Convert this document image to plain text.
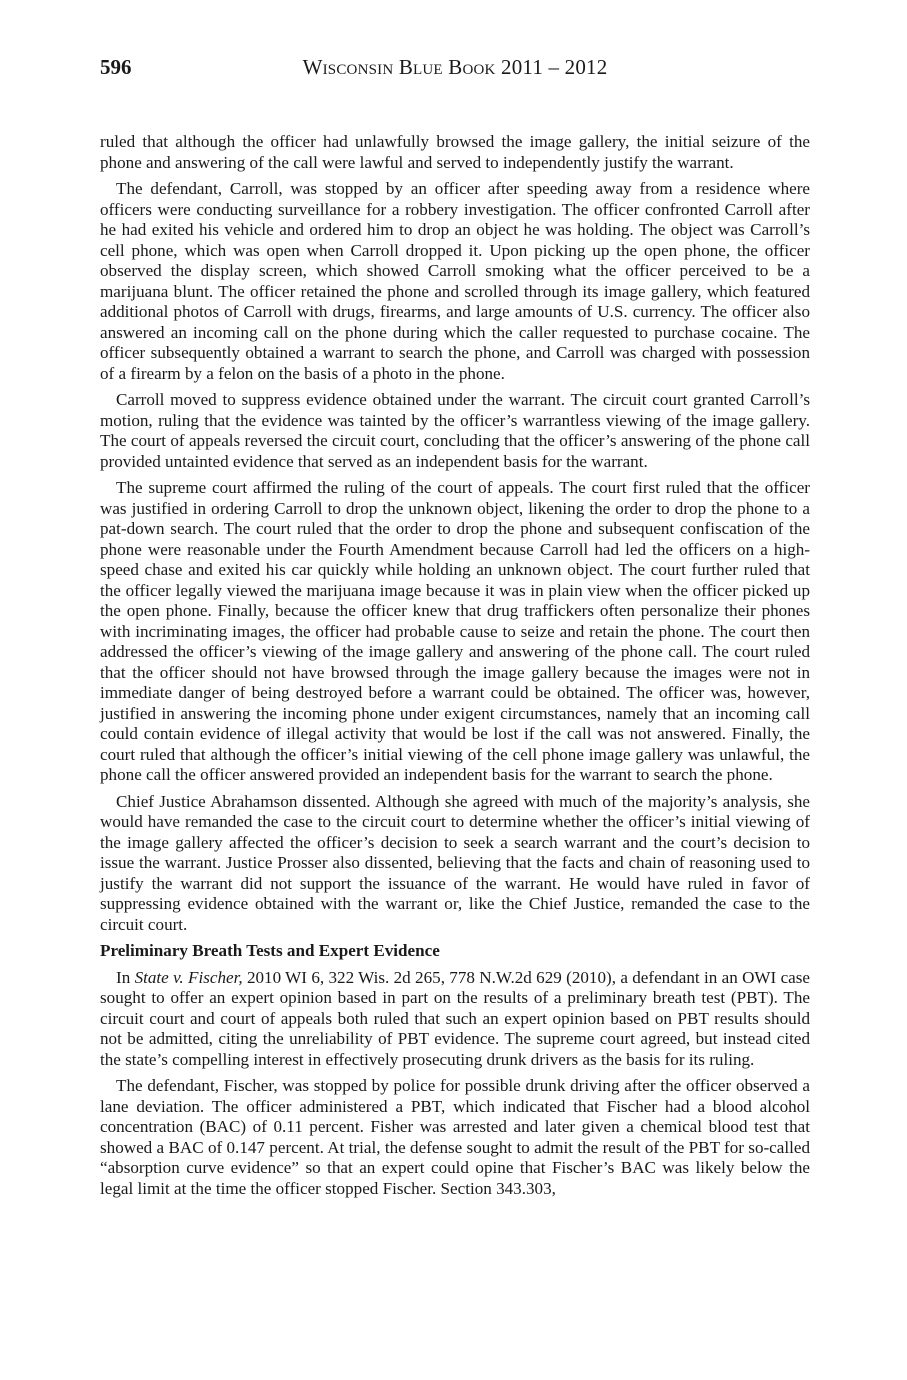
596	Wisconsin Blue Book 2011 – 2012

ruled that although the officer had unlawfully browsed the image gallery, the initial seizure of the phone and answering of the call were lawful and served to independently justify the warrant.

The defendant, Carroll, was stopped by an officer after speeding away from a residence where officers were conducting surveillance for a robbery investigation. The officer confronted Carroll after he had exited his vehicle and ordered him to drop an object he was holding. The object was Carroll’s cell phone, which was open when Carroll dropped it. Upon picking up the open phone, the officer observed the display screen, which showed Carroll smoking what the officer perceived to be a marijuana blunt. The officer retained the phone and scrolled through its image gallery, which featured additional photos of Carroll with drugs, firearms, and large amounts of U.S. currency. The officer also answered an incoming call on the phone during which the caller requested to purchase cocaine. The officer subsequently obtained a warrant to search the phone, and Carroll was charged with possession of a firearm by a felon on the basis of a photo in the phone.

Carroll moved to suppress evidence obtained under the warrant. The circuit court granted Carroll’s motion, ruling that the evidence was tainted by the officer’s warrantless viewing of the image gallery. The court of appeals reversed the circuit court, concluding that the officer’s answering of the phone call provided untainted evidence that served as an independent basis for the warrant.

The supreme court affirmed the ruling of the court of appeals. The court first ruled that the officer was justified in ordering Carroll to drop the unknown object, likening the order to drop the phone to a pat-down search. The court ruled that the order to drop the phone and subsequent confiscation of the phone were reasonable under the Fourth Amendment because Carroll had led the officers on a high-speed chase and exited his car quickly while holding an unknown object. The court further ruled that the officer legally viewed the marijuana image because it was in plain view when the officer picked up the open phone. Finally, because the officer knew that drug traffickers often personalize their phones with incriminating images, the officer had probable cause to seize and retain the phone. The court then addressed the officer’s viewing of the image gallery and answering of the phone call. The court ruled that the officer should not have browsed through the image gallery because the images were not in immediate danger of being destroyed before a warrant could be obtained. The officer was, however, justified in answering the incoming phone under exigent circumstances, namely that an incoming call could contain evidence of illegal activity that would be lost if the call was not answered. Finally, the court ruled that although the officer’s initial viewing of the cell phone image gallery was unlawful, the phone call the officer answered provided an independent basis for the warrant to search the phone.

Chief Justice Abrahamson dissented. Although she agreed with much of the majority’s analysis, she would have remanded the case to the circuit court to determine whether the officer’s initial viewing of the image gallery affected the officer’s decision to seek a search warrant and the court’s decision to issue the warrant. Justice Prosser also dissented, believing that the facts and chain of reasoning used to justify the warrant did not support the issuance of the warrant. He would have ruled in favor of suppressing evidence obtained with the warrant or, like the Chief Justice, remanded the case to the circuit court.

Preliminary Breath Tests and Expert Evidence

In State v. Fischer, 2010 WI 6, 322 Wis. 2d 265, 778 N.W.2d 629 (2010), a defendant in an OWI case sought to offer an expert opinion based in part on the results of a preliminary breath test (PBT). The circuit court and court of appeals both ruled that such an expert opinion based on PBT results should not be admitted, citing the unreliability of PBT evidence. The supreme court agreed, but instead cited the state’s compelling interest in effectively prosecuting drunk drivers as the basis for its ruling.

The defendant, Fischer, was stopped by police for possible drunk driving after the officer observed a lane deviation. The officer administered a PBT, which indicated that Fischer had a blood alcohol concentration (BAC) of 0.11 percent. Fisher was arrested and later given a chemical blood test that showed a BAC of 0.147 percent. At trial, the defense sought to admit the result of the PBT for so-called “absorption curve evidence” so that an expert could opine that Fischer’s BAC was likely below the legal limit at the time the officer stopped Fischer. Section 343.303,
